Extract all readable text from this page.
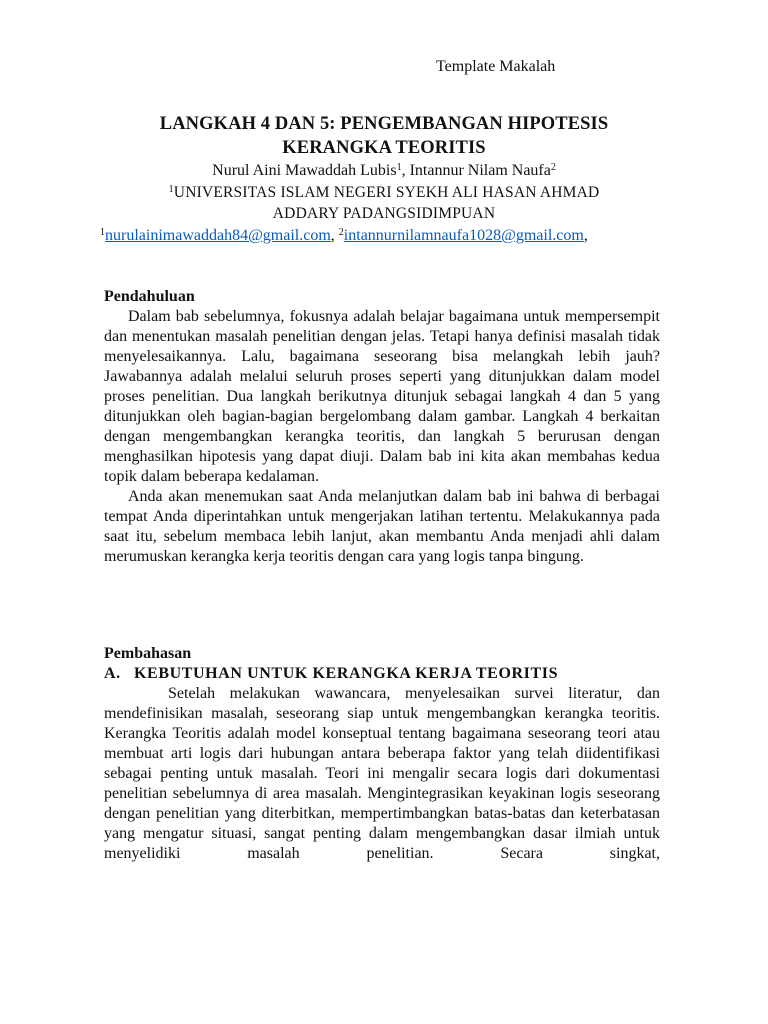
Template Makalah
LANGKAH 4 DAN 5: PENGEMBANGAN HIPOTESIS
KERANGKA TEORITIS
Nurul Aini Mawaddah Lubis$^1$, Intannur Nilam Naufa$^2$
$^1$UNIVERSITAS ISLAM NEGERI SYEKH ALI HASAN AHMAD
ADDARY PADANGSIDIMPUAN
$^1$nurulainimawaddah84@gmail.com, $^2$intannurnilamnaufa1028@gmail.com,
Pendahuluan

Dalam bab sebelumnya, fokusnya adalah belajar bagaimana untuk mempersempit dan menentukan masalah penelitian dengan jelas. Tetapi hanya definisi masalah tidak menyelesaikannya. Lalu, bagaimana seseorang bisa melangkah lebih jauh? Jawabannya adalah melalui seluruh proses seperti yang ditunjukkan dalam model proses penelitian. Dua langkah berikutnya ditunjuk sebagai langkah 4 dan 5 yang ditunjukkan oleh bagian-bagian bergelombang dalam gambar. Langkah 4 berkaitan dengan mengembangkan kerangka teoritis, dan langkah 5 berurusan dengan menghasilkan hipotesis yang dapat diuji. Dalam bab ini kita akan membahas kedua topik dalam beberapa kedalaman.

Anda akan menemukan saat Anda melanjutkan dalam bab ini bahwa di berbagai tempat Anda diperintahkan untuk mengerjakan latihan tertentu. Melakukannya pada saat itu, sebelum membaca lebih lanjut, akan membantu Anda menjadi ahli dalam merumuskan kerangka kerja teoritis dengan cara yang logis tanpa bingung.

Pembahasan
A. KEBUTUHAN UNTUK KERANGKA KERJA TEORITIS

Setelah melakukan wawancara, menyelesaikan survei literatur, dan mendefinisikan masalah, seseorang siap untuk mengembangkan kerangka teoritis. Kerangka Teoritis adalah model konseptual tentang bagaimana seseorang teori atau membuat arti logis dari hubungan antara beberapa faktor yang telah diidentifikasi sebagai penting untuk masalah. Teori ini mengalir secara logis dari dokumentasi penelitian sebelumnya di area masalah. Mengintegrasikan keyakinan logis seseorang dengan penelitian yang diterbitkan, mempertimbangkan batas-batas dan keterbatasan yang mengatur situasi, sangat penting dalam mengembangkan dasar ilmiah untuk menyelidiki masalah penelitian. Secara singkat,
